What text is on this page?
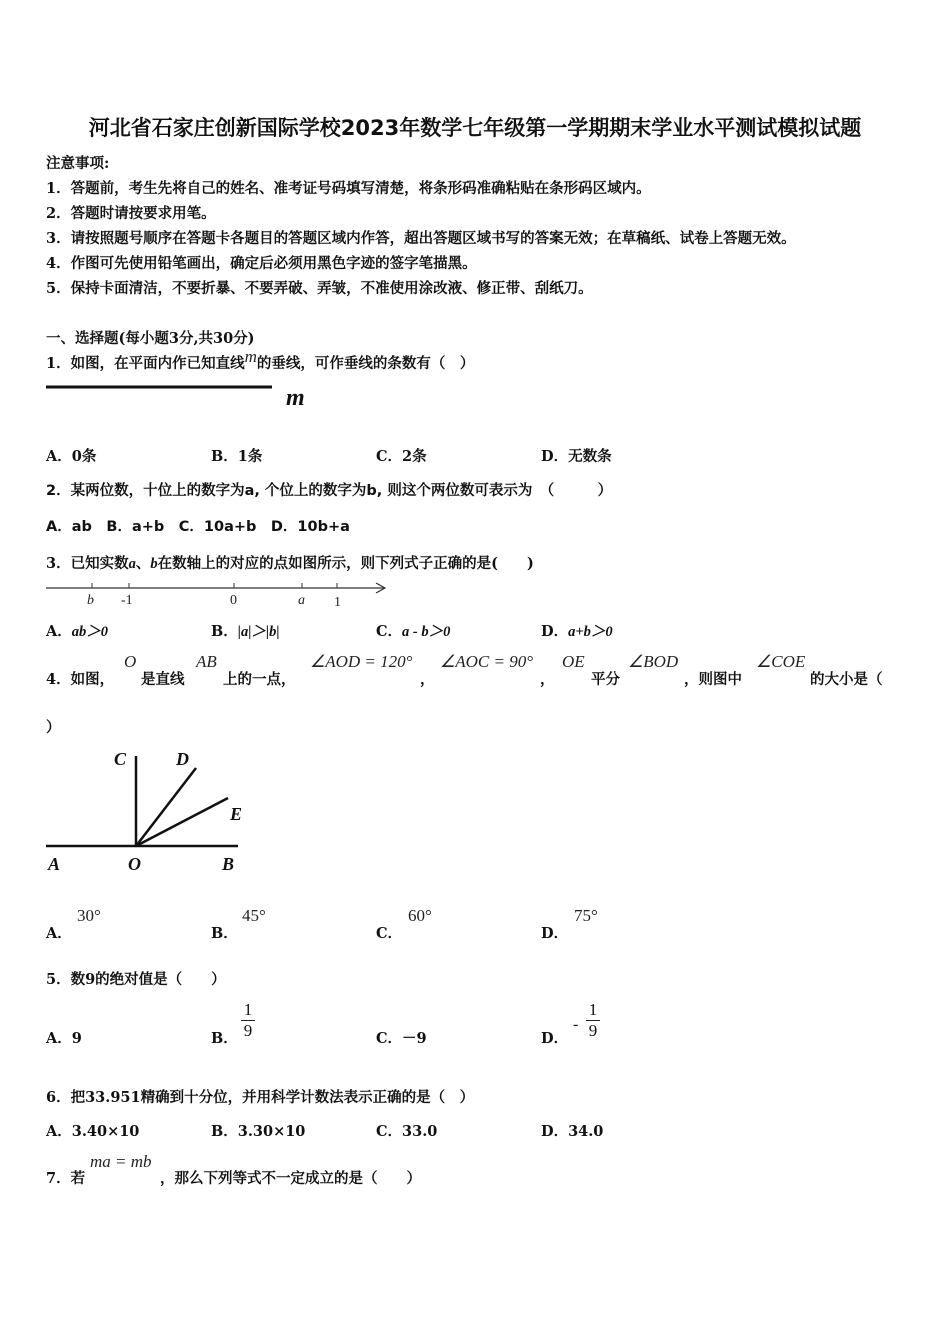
河北省石家庄创新国际学校2023年数学七年级第一学期期末学业水平测试模拟试题
注意事项:
1．答题前，考生先将自己的姓名、准考证号码填写清楚，将条形码准确粘贴在条形码区域内。
2．答题时请按要求用笔。
3．请按照题号顺序在答题卡各题目的答题区域内作答，超出答题区域书写的答案无效；在草稿纸、试卷上答题无效。
4．作图可先使用铅笔画出，确定后必须用黑色字迹的签字笔描黑。
5．保持卡面清洁，不要折暴、不要弄破、弄皱，不准使用涂改液、修正带、刮纸刀。
一、选择题(每小题3分,共30分)
1．如图，在平面内作已知直线m的垂线，可作垂线的条数有（　）
m
A．0条	B．1条	C．2条	D．无数条
2．某两位数，十位上的数字为a, 个位上的数字为b, 则这个两位数可表示为　（　　　）
A．ab　B．a+b　C．10a+b　D．10b+a
3．已知实数a、b在数轴上的对应的点如图所示，则下列式子正确的是(　　)
b -1	0	a 1
A．ab＞0	B．|a|＞|b|	C．a - b＞0	D．a+b＞0
4．如图，
O
是直线
AB
上的一点，
∠AOD = 120°
，
∠AOC = 90°
，
OE
平分
∠BOD
，则图中
∠COE
的大小是（
）
C	D
E
A	O	B
A．
30°
B．
45°
C．
60°
D．
75°
5．数9的绝对值是（　　）
A．9	B．
1
9	C．－9	D．
-
1
9
6．把33.951精确到十分位，并用科学计数法表示正确的是（　）
A．3.40×10	B．3.30×10	C．33.0	D．34.0
7．若
ma = mb
，那么下列等式不一定成立的是（　　）
